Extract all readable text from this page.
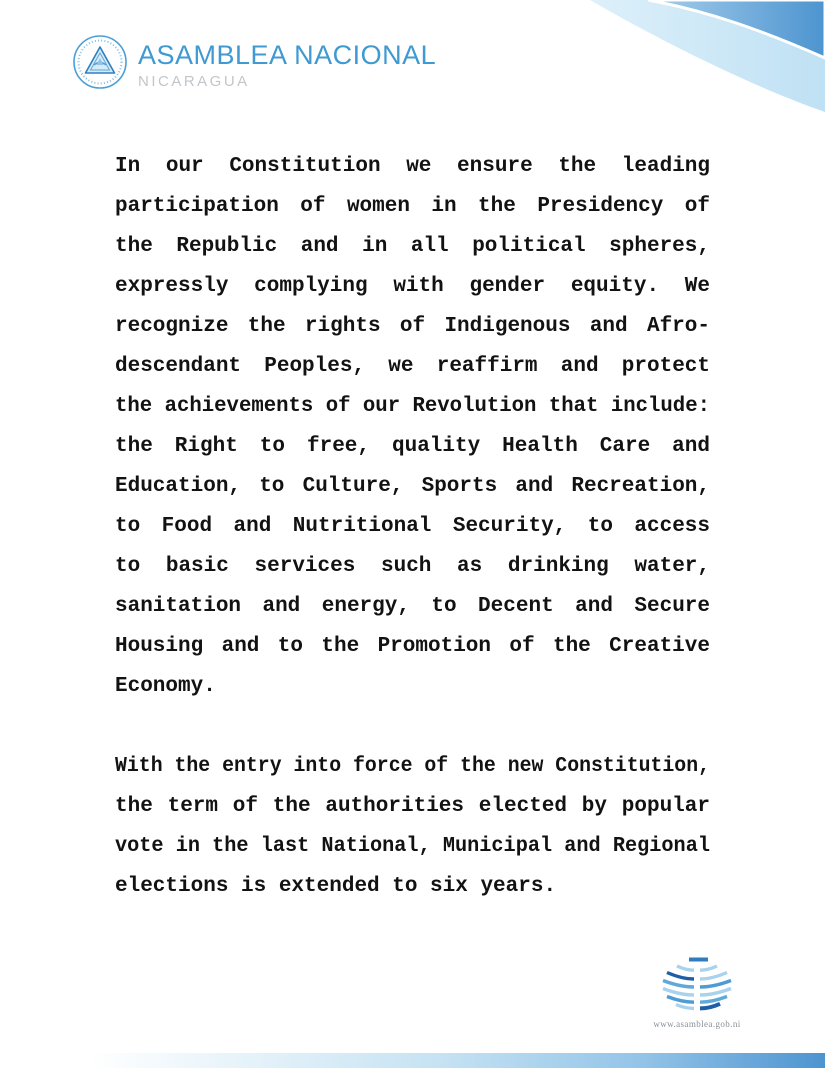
ASAMBLEA NACIONAL
NICARAGUA
In our Constitution we ensure the leading
participation of women in the Presidency of
the Republic and in all political spheres,
expressly complying with gender equity. We
recognize the rights of Indigenous and Afro-
descendant Peoples, we reaffirm and protect
the achievements of our Revolution that include:
the Right to free, quality Health Care and
Education, to Culture, Sports and Recreation,
to Food and Nutritional Security, to access
to basic services such as drinking water,
sanitation and energy, to Decent and Secure
Housing and to the Promotion of the Creative
Economy.
With the entry into force of the new Constitution,
the term of the authorities elected by popular
vote in the last National, Municipal and Regional
elections is extended to six years.
www.asamblea.gob.ni
